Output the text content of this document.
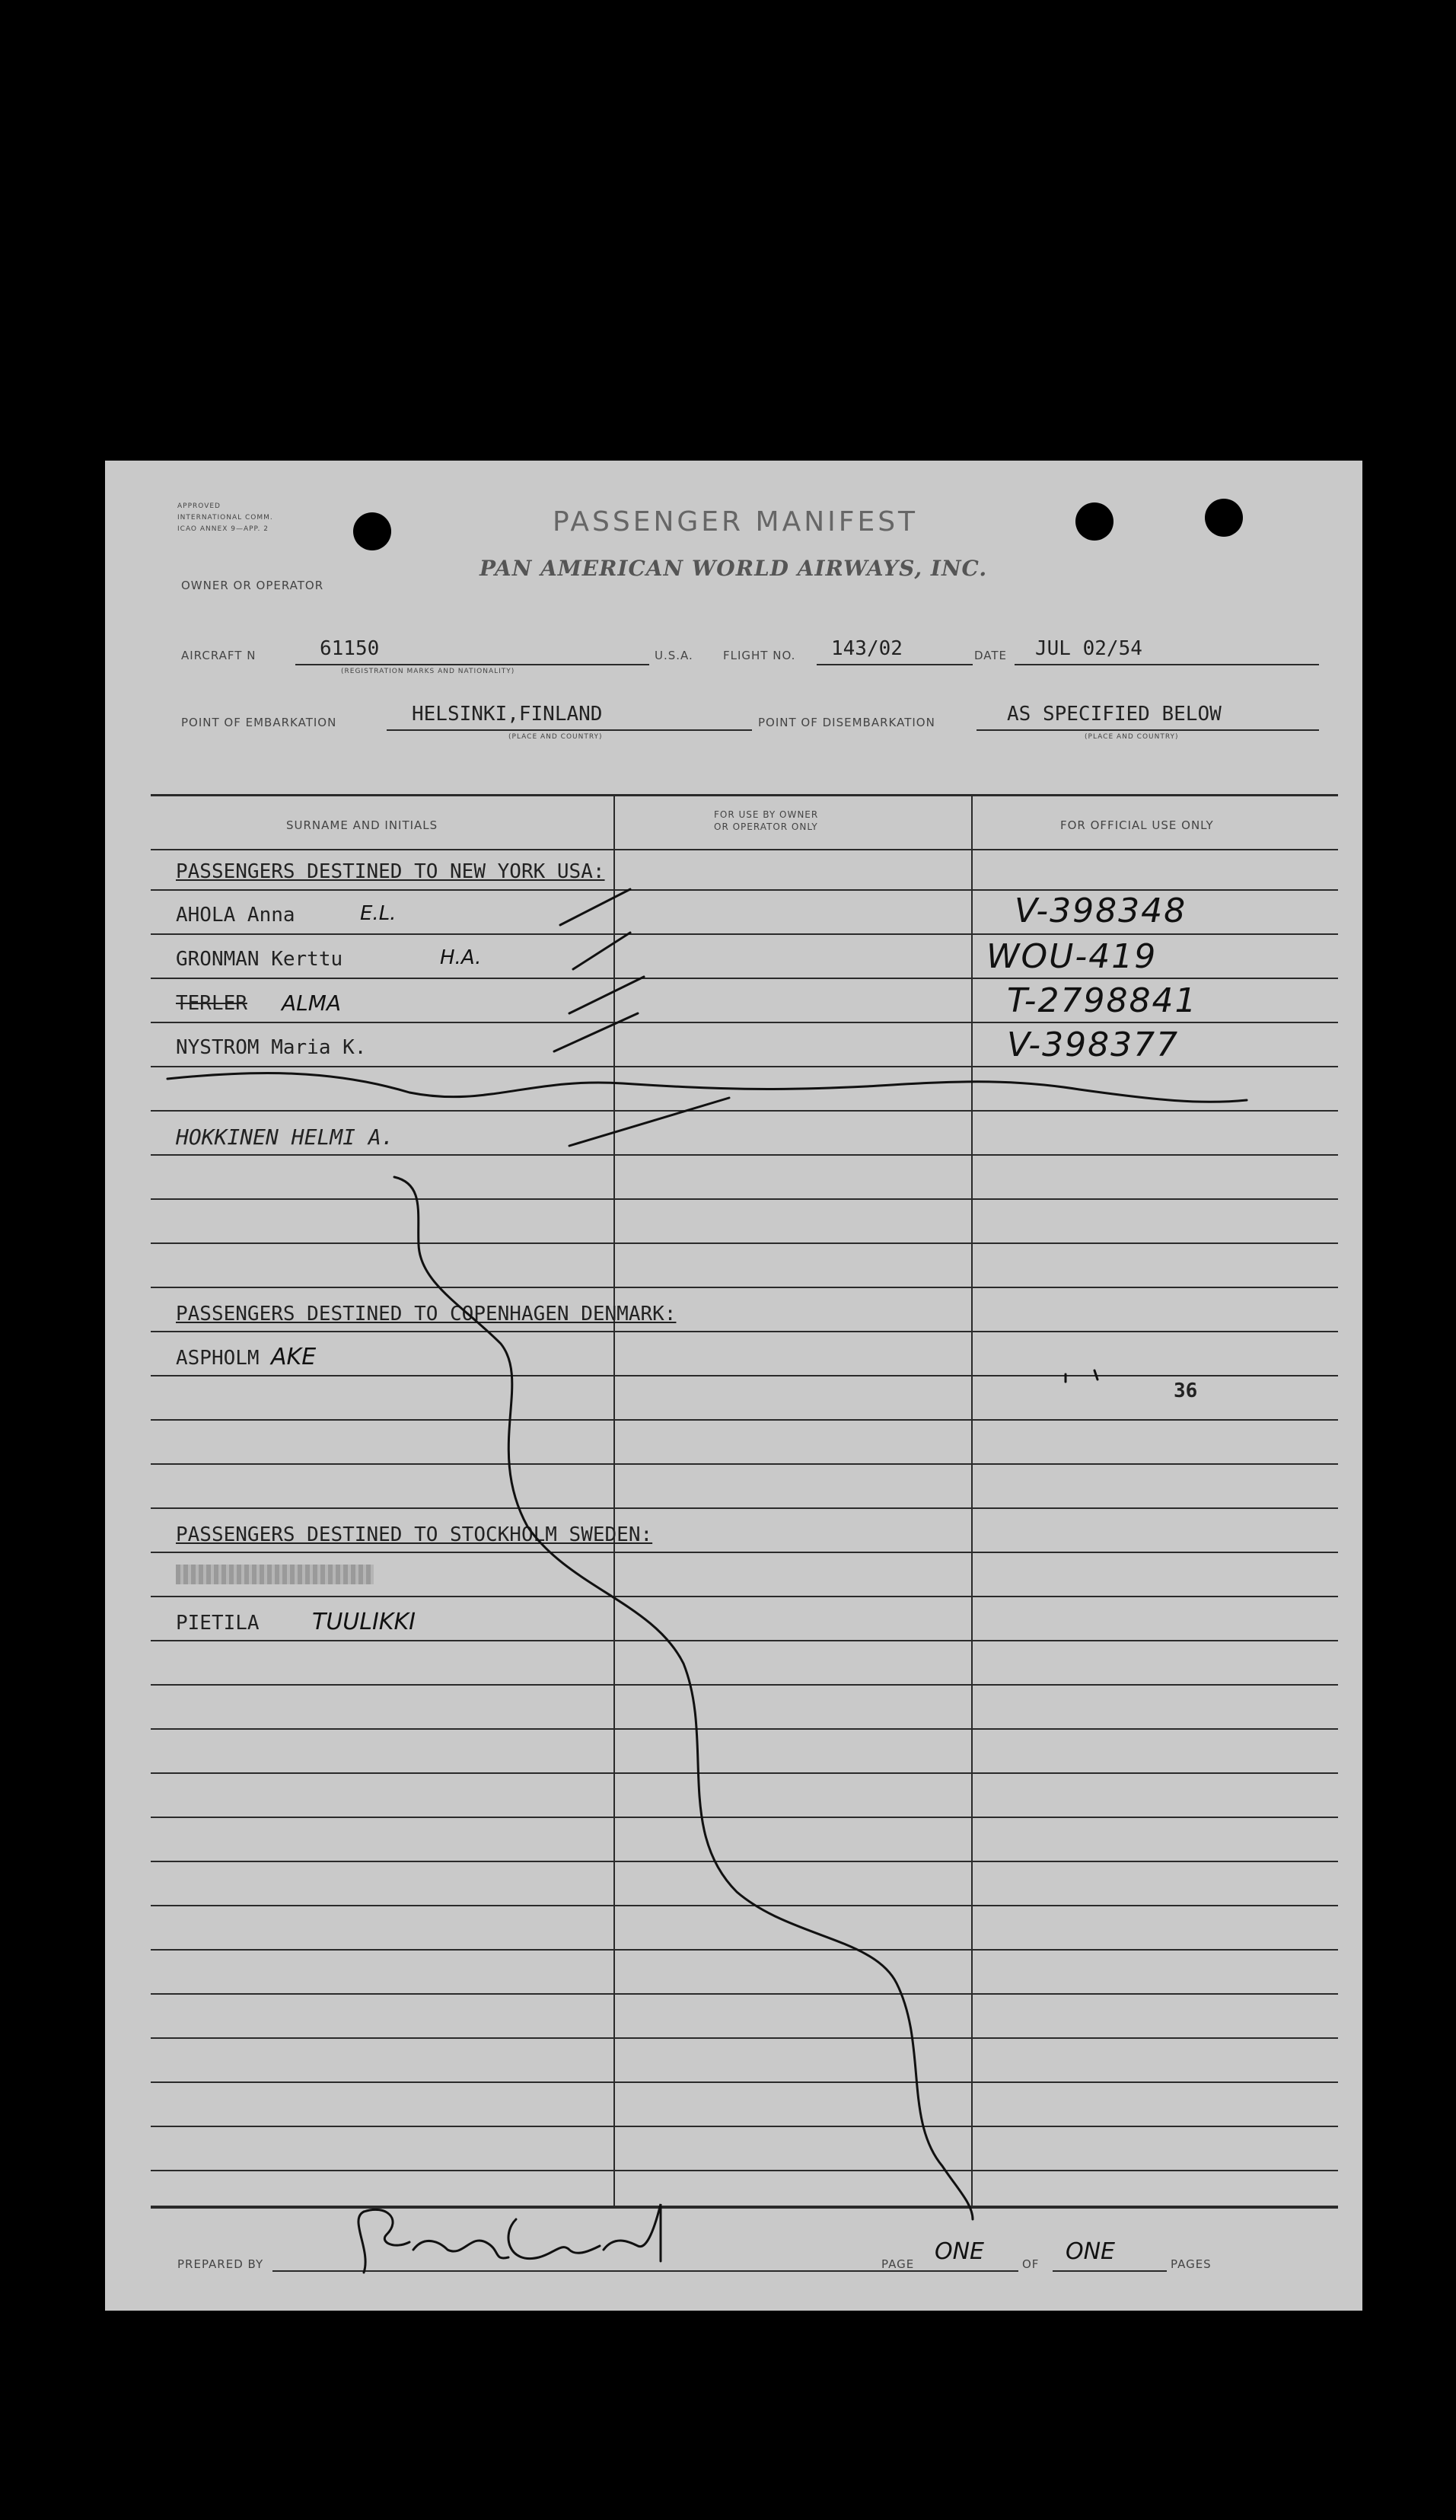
APPROVED
INTERNATIONAL COMM.
ICAO ANNEX 9—APP. 2	PASSENGER MANIFEST
PAN AMERICAN WORLD AIRWAYS, INC.
OWNER OR OPERATOR
AIRCRAFT N	61150
(REGISTRATION MARKS AND NATIONALITY)
U.S.A.	FLIGHT NO. 143/02	DATE JUL 02/54
POINT OF EMBARKATION	HELSINKI,FINLAND
(PLACE AND COUNTRY)
POINT OF DISEMBARKATION	AS SPECIFIED BELOW
(PLACE AND COUNTRY)
SURNAME AND INITIALS
FOR USE BY OWNER
OR OPERATOR ONLY	FOR OFFICIAL USE ONLY
PASSENGERS DESTINED TO NEW YORK USA:
AHOLA Anna	E.L.	V-398348
GRONMAN Kerttu	H.A.	WOU-419
TERLER ALMA	T-2798841
NYSTROM Maria K.	V-398377
HOKKINEN HELMI A.
PASSENGERS DESTINED TO COPENHAGEN DENMARK:
ASPHOLM AKE
36
PASSENGERS DESTINED TO STOCKHOLM SWEDEN:
PIETILA TUULIKKI
PREPARED BY	PAGE ONE	OF ONE	PAGES
